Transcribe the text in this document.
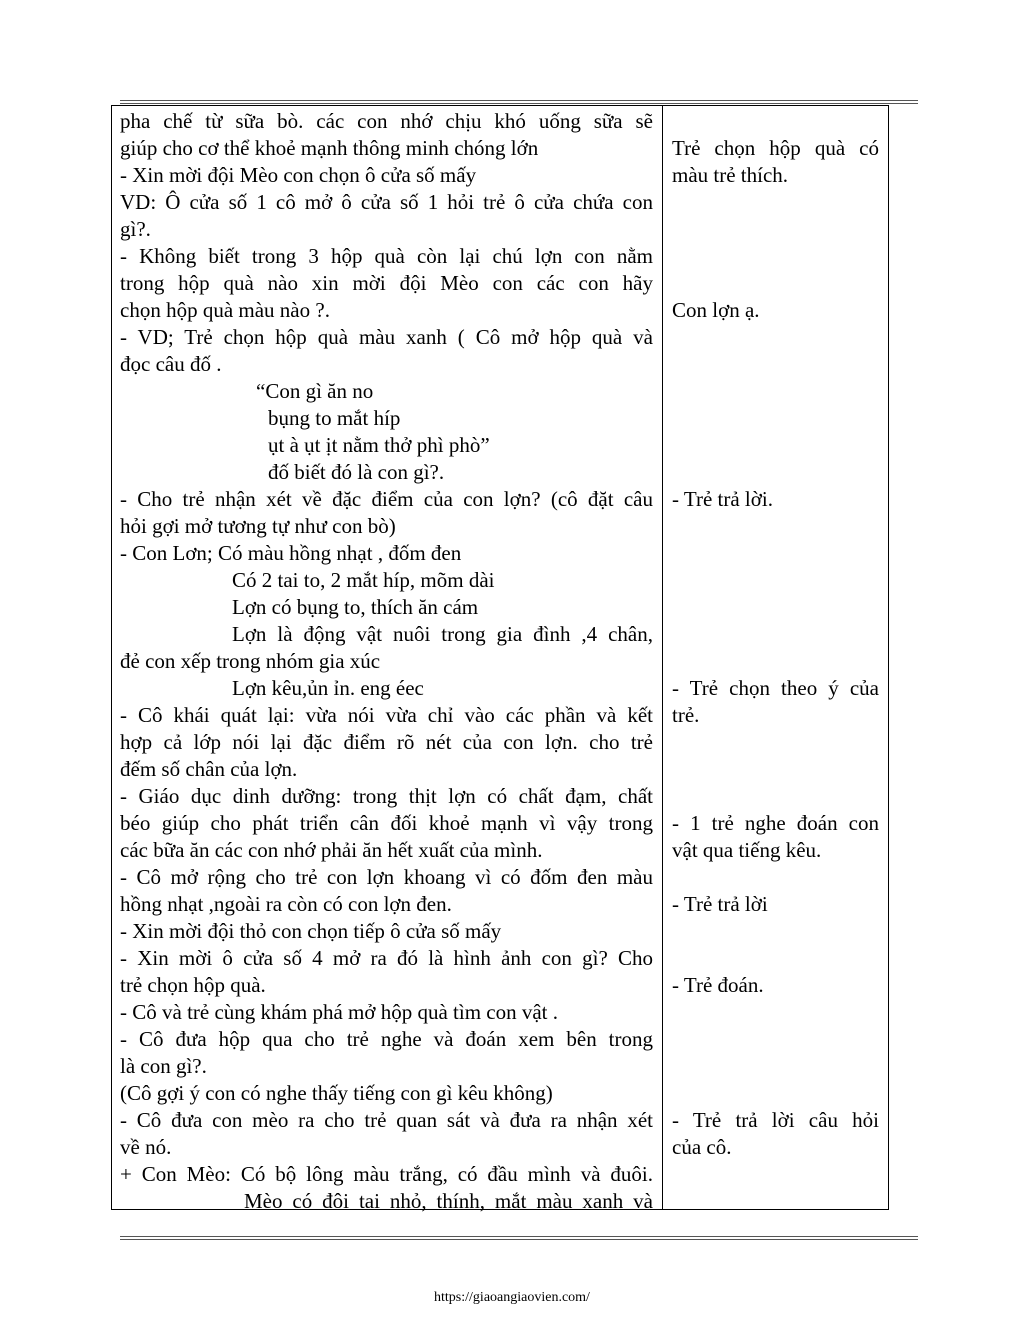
pha chế từ sữa bò. các con nhớ chịu khó uống sữa sẽ
giúp cho cơ thể khoẻ mạnh thông minh chóng lớn
- Xin mời đội Mèo con chọn ô cửa số mấy
VD: Ô cửa số 1 cô mở ô cửa số 1 hỏi trẻ ô cửa chứa con
gì?.
- Không biết trong 3 hộp quà còn lại chú lợn con nằm
trong hộp quà nào xin mời đội Mèo con các con hãy
chọn hộp quà màu nào ?.
- VD; Trẻ chọn hộp quà màu xanh ( Cô mở hộp quà và
đọc câu đố .
“Con gì ăn no
bụng to mắt híp
ụt à ụt ịt nằm thở phì phò”
đố biết đó là con gì?.
- Cho trẻ nhận xét về đặc điểm của con lợn? (cô đặt câu
hỏi gợi mở tương tự như con bò)
- Con Lơn; Có màu hồng nhạt , đốm đen
Có 2 tai to, 2 mắt híp, mõm dài
Lợn có bụng to, thích ăn cám
Lợn là động vật nuôi trong gia đình ,4 chân,
đẻ con xếp trong nhóm gia xúc
Lợn kêu,ủn ỉn. eng éec
- Cô khái quát lại: vừa nói vừa chỉ vào các phần và kết
hợp cả lớp nói lại đặc điểm rõ nét của con lợn. cho trẻ
đếm số chân của lợn.
- Giáo dục dinh dưỡng: trong thịt lợn có chất đạm, chất
béo giúp cho phát triển cân đối khoẻ mạnh vì vậy trong
các bữa ăn các con nhớ phải ăn hết xuất của mình.
- Cô mở rộng cho trẻ con lợn khoang vì có đốm đen màu
hồng nhạt ,ngoài ra còn có con lợn đen.
- Xin mời đội thỏ con chọn tiếp ô cửa số mấy
- Xin mời ô cửa số 4 mở ra đó là hình ảnh con gì? Cho
trẻ chọn hộp quà.
- Cô và trẻ cùng khám phá mở hộp quà tìm con vật .
- Cô đưa hộp qua cho trẻ nghe và đoán xem bên trong
là con gì?.
(Cô gợi ý con có nghe thấy tiếng con gì kêu không)
- Cô đưa con mèo ra cho trẻ quan sát và đưa ra nhận xét
về nó.
+ Con Mèo: Có bộ lông màu trắng, có đầu mình và đuôi.
Mèo có đôi tai nhỏ, thính, mắt màu xanh và
Trẻ chọn hộp quà có
màu trẻ thích.
Con lợn ạ.
- Trẻ trả lời.
- Trẻ chọn theo ý của
trẻ.
- 1 trẻ nghe đoán con
vật qua tiếng kêu.
- Trẻ trả lời
- Trẻ đoán.
- Trẻ trả lời câu hỏi
của cô.
https://giaoangiaovien.com/
